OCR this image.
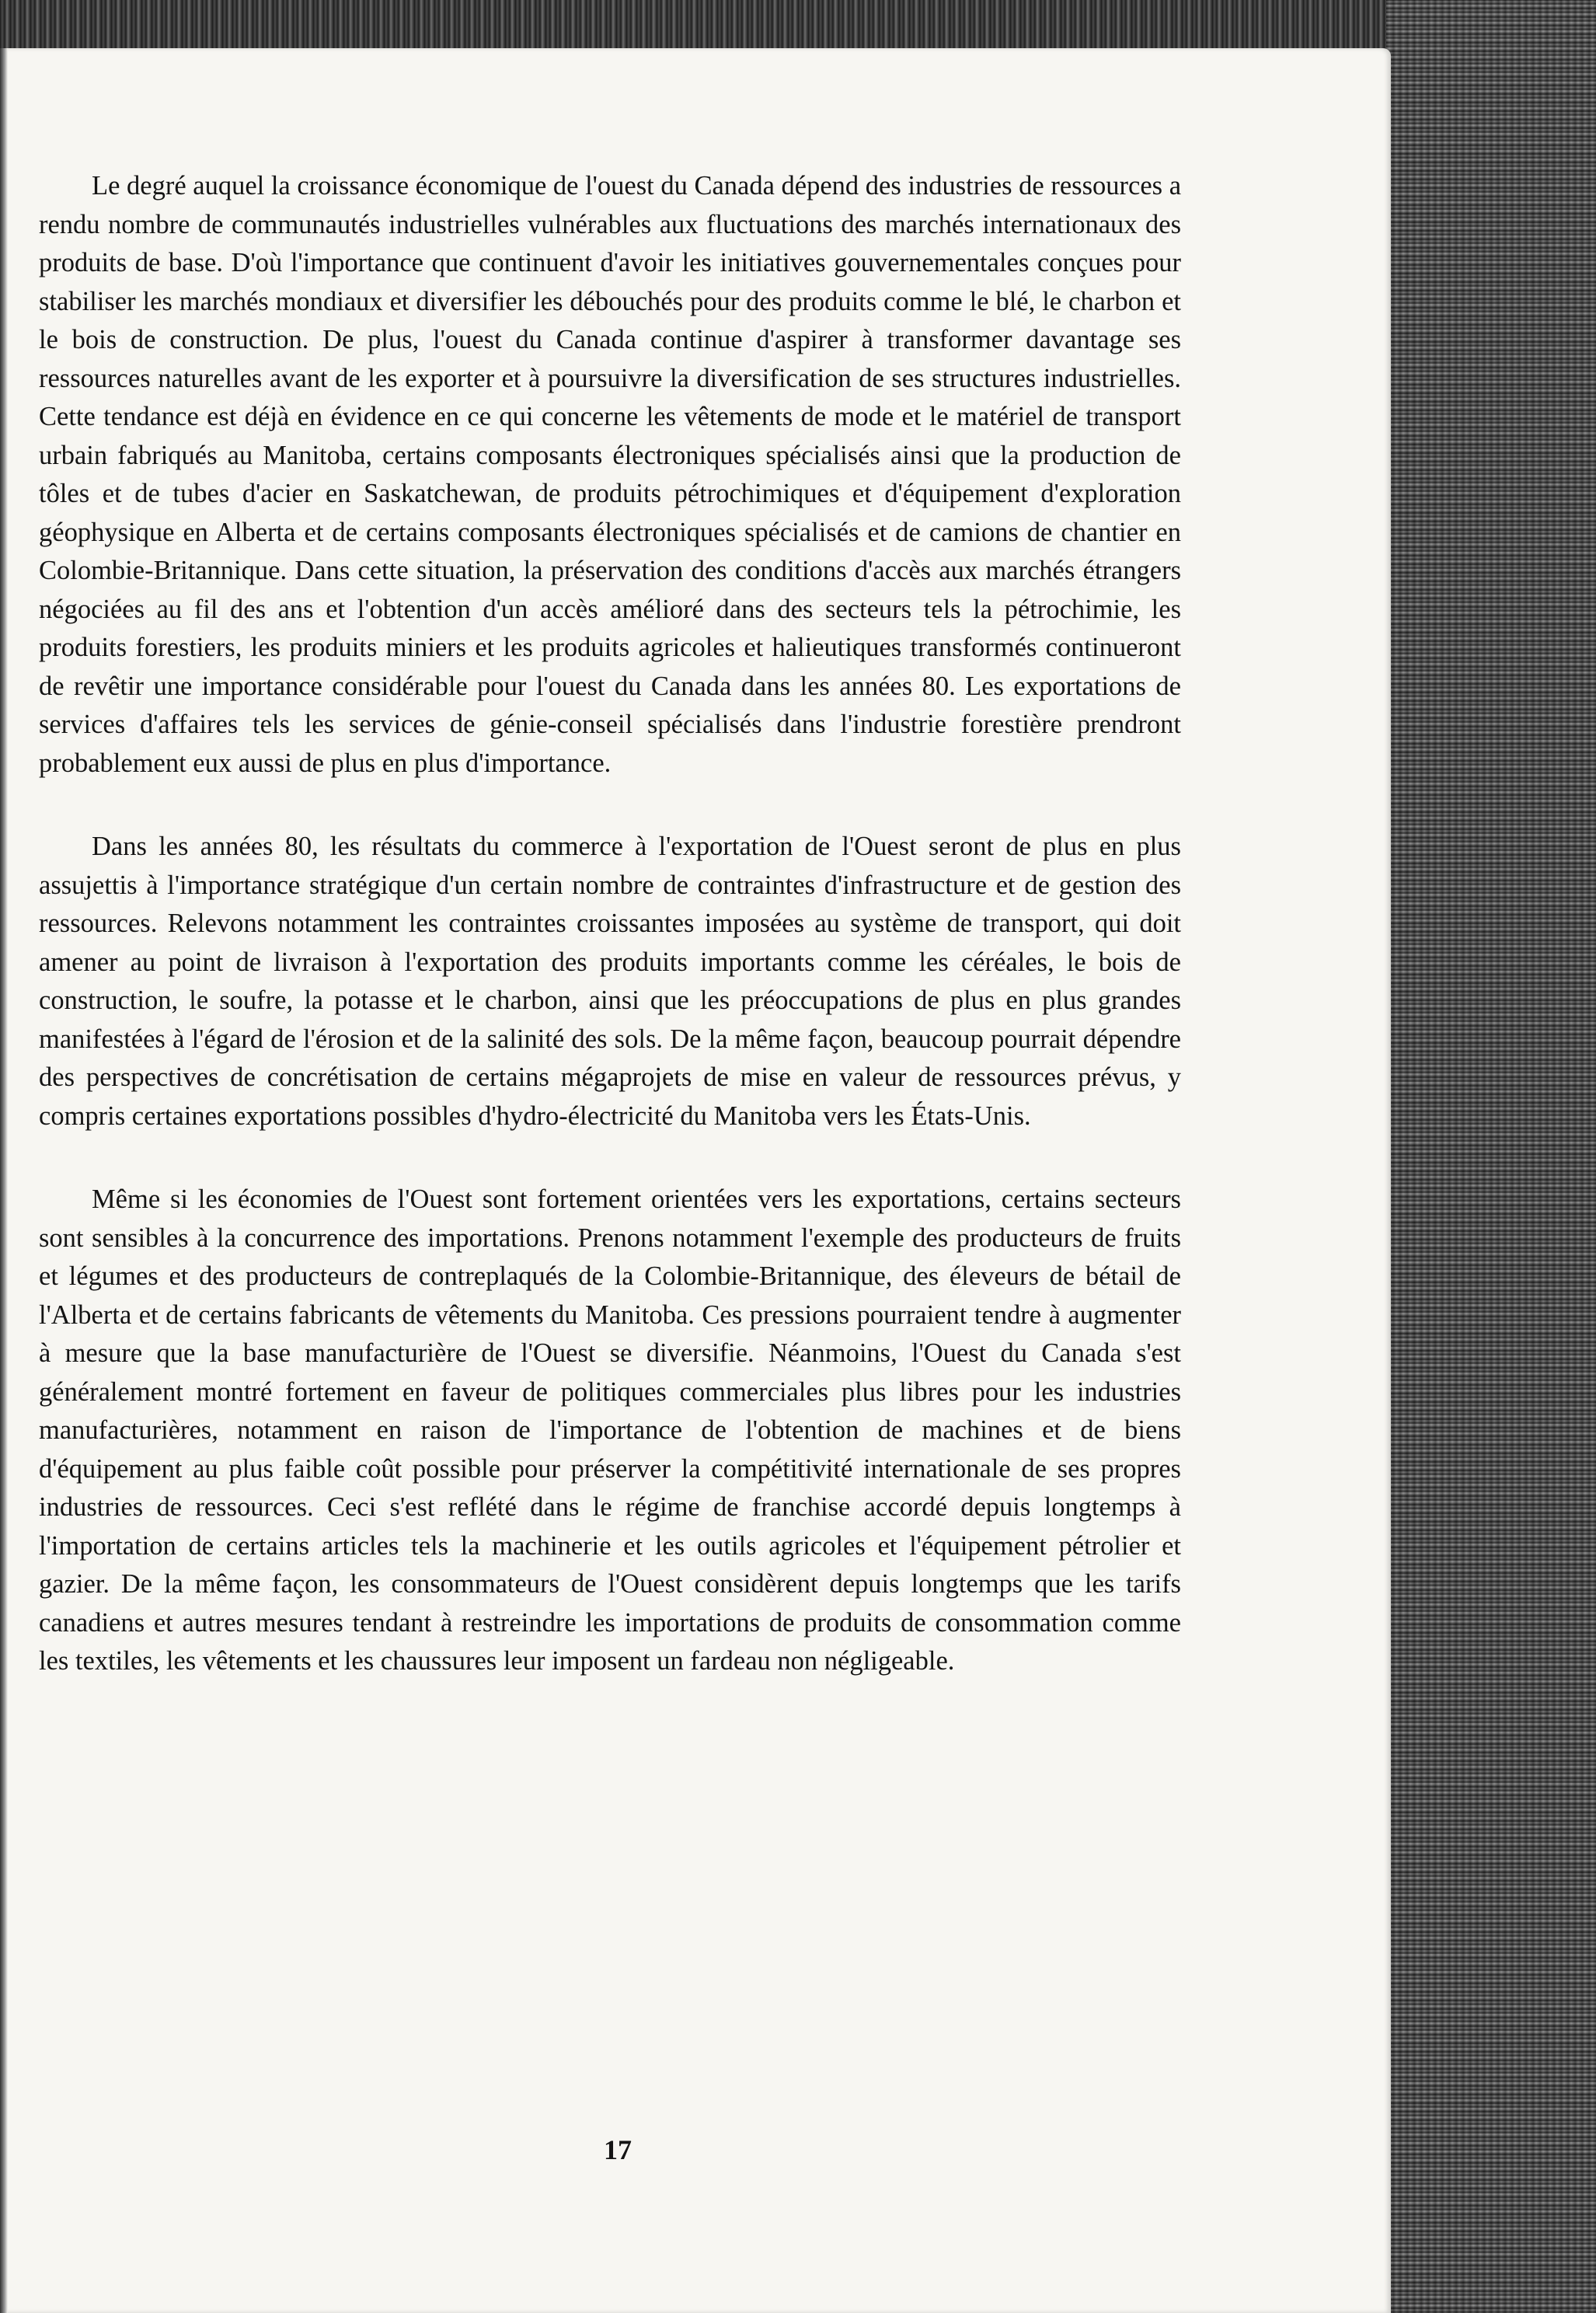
Le degré auquel la croissance économique de l'ouest du Canada dépend des industries de ressources a rendu nombre de communautés industrielles vulnérables aux fluctuations des marchés internationaux des produits de base. D'où l'importance que continuent d'avoir les initiatives gouvernementales conçues pour stabiliser les marchés mondiaux et diversifier les débouchés pour des produits comme le blé, le charbon et le bois de construction. De plus, l'ouest du Canada continue d'aspirer à transformer davantage ses ressources naturelles avant de les exporter et à poursuivre la diversification de ses structures industrielles. Cette tendance est déjà en évidence en ce qui concerne les vêtements de mode et le matériel de transport urbain fabriqués au Manitoba, certains composants électroniques spécialisés ainsi que la production de tôles et de tubes d'acier en Saskatchewan, de produits pétrochimiques et d'équipement d'exploration géophysique en Alberta et de certains composants électroniques spécialisés et de camions de chantier en Colombie-Britannique. Dans cette situation, la préservation des conditions d'accès aux marchés étrangers négociées au fil des ans et l'obtention d'un accès amélioré dans des secteurs tels la pétrochimie, les produits forestiers, les produits miniers et les produits agricoles et halieutiques transformés continueront de revêtir une importance considérable pour l'ouest du Canada dans les années 80. Les exportations de services d'affaires tels les services de génie-conseil spécialisés dans l'industrie forestière prendront probablement eux aussi de plus en plus d'importance.

Dans les années 80, les résultats du commerce à l'exportation de l'Ouest seront de plus en plus assujettis à l'importance stratégique d'un certain nombre de contraintes d'infrastructure et de gestion des ressources. Relevons notamment les contraintes croissantes imposées au système de transport, qui doit amener au point de livraison à l'exportation des produits importants comme les céréales, le bois de construction, le soufre, la potasse et le charbon, ainsi que les préoccupations de plus en plus grandes manifestées à l'égard de l'érosion et de la salinité des sols. De la même façon, beaucoup pourrait dépendre des perspectives de concrétisation de certains mégaprojets de mise en valeur de ressources prévus, y compris certaines exportations possibles d'hydro-électricité du Manitoba vers les États-Unis.

Même si les économies de l'Ouest sont fortement orientées vers les exportations, certains secteurs sont sensibles à la concurrence des importations. Prenons notamment l'exemple des producteurs de fruits et légumes et des producteurs de contreplaqués de la Colombie-Britannique, des éleveurs de bétail de l'Alberta et de certains fabricants de vêtements du Manitoba. Ces pressions pourraient tendre à augmenter à mesure que la base manufacturière de l'Ouest se diversifie. Néanmoins, l'Ouest du Canada s'est généralement montré fortement en faveur de politiques commerciales plus libres pour les industries manufacturières, notamment en raison de l'importance de l'obtention de machines et de biens d'équipement au plus faible coût possible pour préserver la compétitivité internationale de ses propres industries de ressources. Ceci s'est reflété dans le régime de franchise accordé depuis longtemps à l'importation de certains articles tels la machinerie et les outils agricoles et l'équipement pétrolier et gazier. De la même façon, les consommateurs de l'Ouest considèrent depuis longtemps que les tarifs canadiens et autres mesures tendant à restreindre les importations de produits de consommation comme les textiles, les vêtements et les chaussures leur imposent un fardeau non négligeable.

17
